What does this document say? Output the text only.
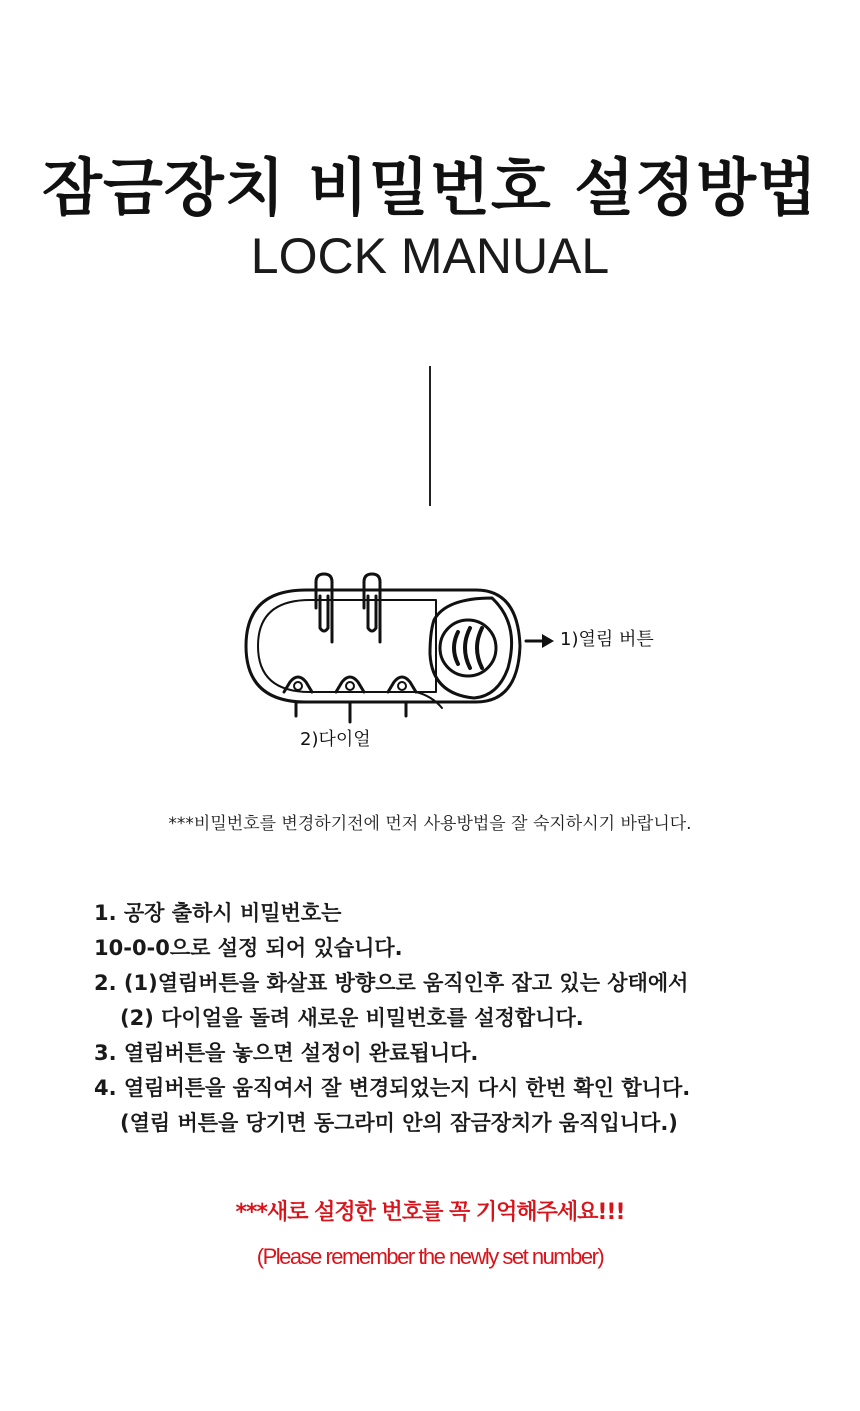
잠금장치 비밀번호 설정방법
LOCK MANUAL
1)열림 버튼
2)다이얼
***비밀번호를 변경하기전에 먼저 사용방법을 잘 숙지하시기 바랍니다.
1. 공장 출하시 비밀번호는
10-0-0으로 설정 되어 있습니다.
2. (1)열림버튼을 화살표 방향으로 움직인후 잡고 있는 상태에서
(2) 다이얼을 돌려 새로운 비밀번호를 설정합니다.
3. 열림버튼을 놓으면 설정이 완료됩니다.
4. 열림버튼을 움직여서 잘 변경되었는지 다시 한번 확인 합니다.
(열림 버튼을 당기면 동그라미 안의 잠금장치가 움직입니다.)
***새로 설정한 번호를 꼭 기억해주세요!!!
(Please remember the newly set number)
